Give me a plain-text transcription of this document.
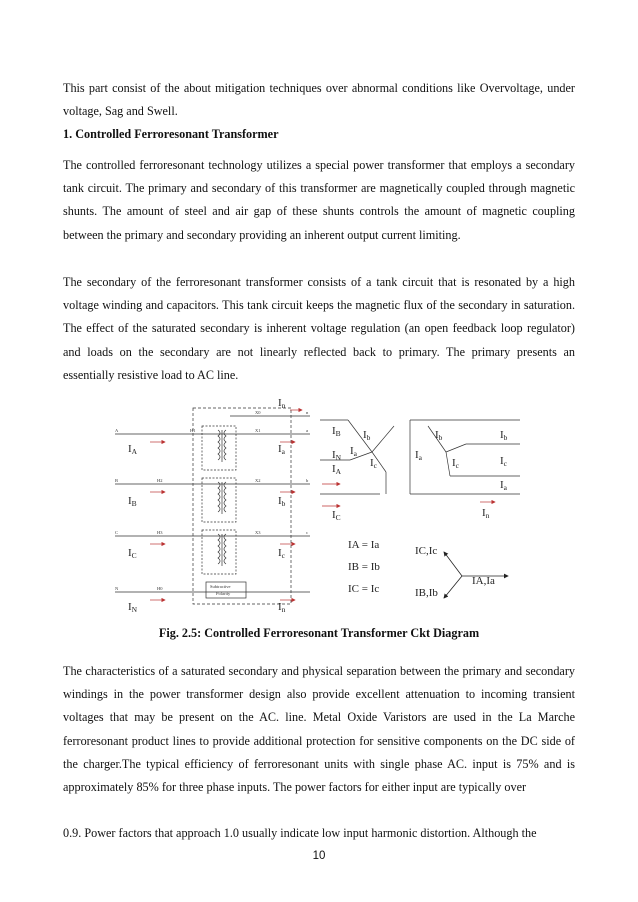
This part consist of the about mitigation techniques over abnormal conditions like Overvoltage, under voltage, Sag and Swell.

1. Controlled Ferroresonant Transformer

The controlled ferroresonant technology utilizes a special power transformer that employs a secondary tank circuit. The primary and secondary of this transformer are magnetically coupled through magnetic shunts. The amount of steel and air gap of these shunts controls the amount of magnetic coupling between the primary and secondary providing an inherent output current limiting.

The secondary of the ferroresonant transformer consists of a tank circuit that is resonated by a high voltage winding and capacitors. This tank circuit keeps the magnetic flux of the secondary in saturation. The effect of the saturated secondary is inherent voltage regulation (an open feedback loop regulator) and loads on the secondary are not linearly reflected back to primary. The primary presents an essentially resistive load to AC line.

A
B
C
N
n
a
b
c
H1
H2
H3
H0
X0
X1
X2
X3
Subtractive
Polarity
IA
IB
IC
IN
Ia
Ib
Ic
In
In
IB Ib
IN
Ia
IA
Ic
IC
Ib
Ia	Ic
Ib
Ic
Ia
In
IA = Ia
IB = Ib
IC = Ic
IC,Ic
IA,Ia
IB,Ib
Fig. 2.5: Controlled Ferroresonant Transformer Ckt Diagram

The characteristics of a saturated secondary and physical separation between the primary and secondary windings in the power transformer design also provide excellent attenuation to incoming transient voltages that may be present on the AC. line. Metal Oxide Varistors are used in the La Marche ferroresonant product lines to provide additional protection for sensitive components on the DC side of the charger.The typical efficiency of ferroresonant units with single phase AC. input is 75% and is approximately 85% for three phase inputs. The power factors for either input are typically over

0.9. Power factors that approach 1.0 usually indicate low input harmonic distortion. Although the

10
